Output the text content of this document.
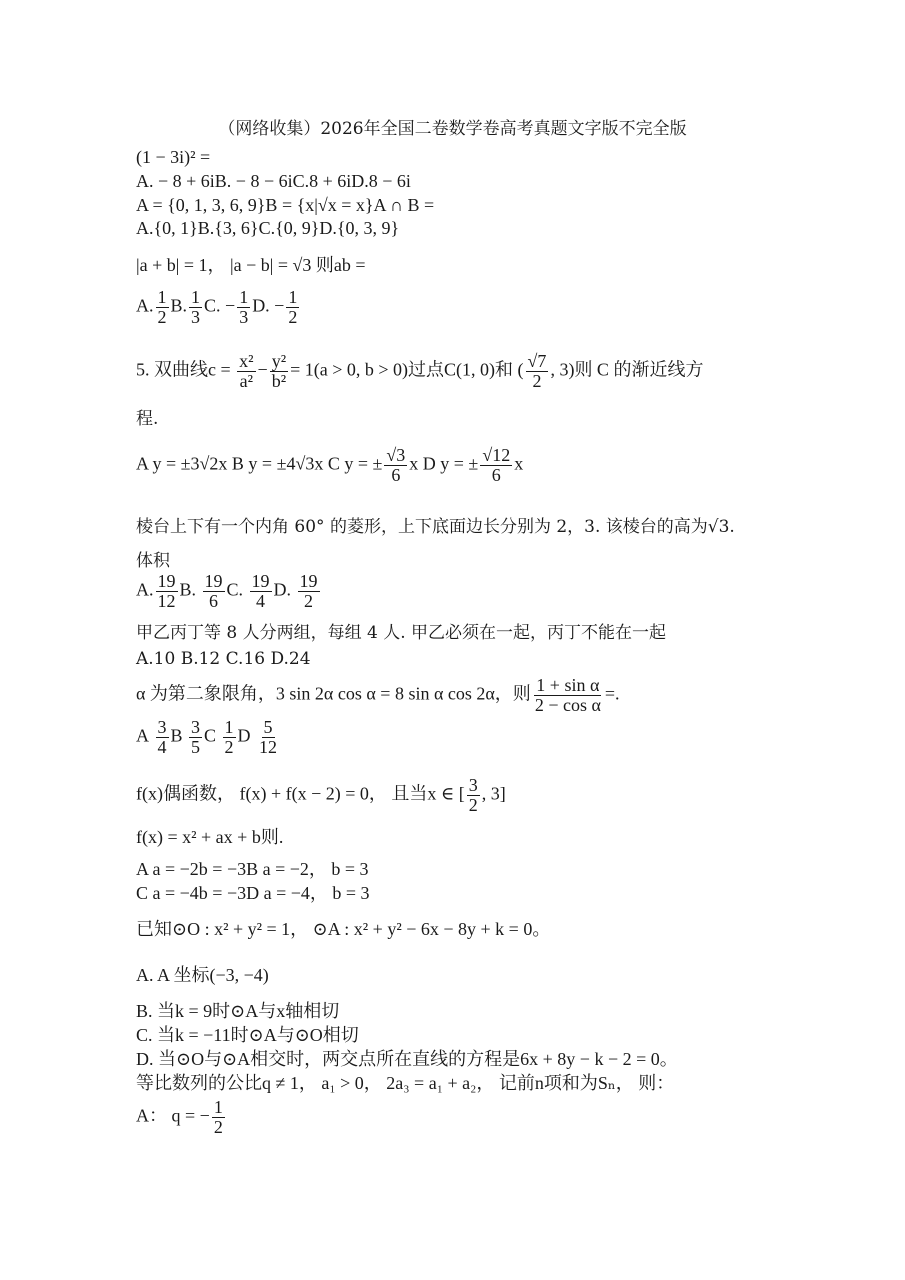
（网络收集）2026年全国二卷数学卷高考真题文字版不完全版
(1 − 3i)² =
A. − 8 + 6iB. − 8 − 6iC.8 + 6iD.8 − 6i
A = {0, 1, 3, 6, 9}B = {x|√x = x}A ∩ B =
A.{0, 1}B.{3, 6}C.{0, 9}D.{0, 3, 9}
|a + b| = 1， |a − b| = √3 则ab =
A. $\frac{1}{2} B$. $\frac{1}{3} C$. − $\frac{1}{3} D$. − $\frac{1}{2}$
5. 双曲线$c = \frac{\text{x²}}{\text{a²}} - \frac{\text{y²}}{\text{b²}} = 1(a > 0$, b > 0)过点C(1, 0)和 ( $\frac{√7}{2}$ , 3)则 C 的渐近线方
程.
A y = ±3√2x B y = ±4√3x C y = ± $\frac{√3}{6}$ x D y = ± $\frac{√12}{6}$ x
棱台上下有一个内角 60° 的菱形，上下底面边长分别为 2，3. 该棱台的高为√3.
体积
A. $\frac{19}{12} B$. $\frac{19}{6} C$. $\frac{19}{4} D$. $\frac{19}{2}$
甲乙丙丁等 8 人分两组，每组 4 人. 甲乙必须在一起，丙丁不能在一起
A.10 B.12 C.16 D.24
α 为第二象限角，3 sin 2α cos α = 8 sin α cos 2α，则 $\frac{\text{1 + sin α}}{\text{2 − cos α}}$ =.
A $\frac{3}{4}$ B $\frac{3}{5}$ C $\frac{1}{2}$ D $\frac{5}{12}$
f(x)偶函数， f(x) + f(x − 2) = 0， 且当x ∈ [ $\frac{3}{2}$ , 3]
f(x) = x² + ax + b则.
A a = −2b = −3B a = −2， b = 3
C a = −4b = −3D a = −4， b = 3
已知⊙O : x² + y² = 1， ⊙A : x² + y² − 6x − 8y + k = 0。
A. A 坐标(−3, −4)
B. 当k = 9时⊙A与x轴相切
C. 当k = −11时⊙A与⊙O相切
D. 当⊙O与⊙A相交时，两交点所在直线的方程是6x + 8y − k − 2 = 0。
等比数列的公比q ≠ 1， a₁ > 0， 2a₃ = a₁ + a₂， 记前n项和为Sₙ， 则：
A： q = − $\frac{1}{2}$
